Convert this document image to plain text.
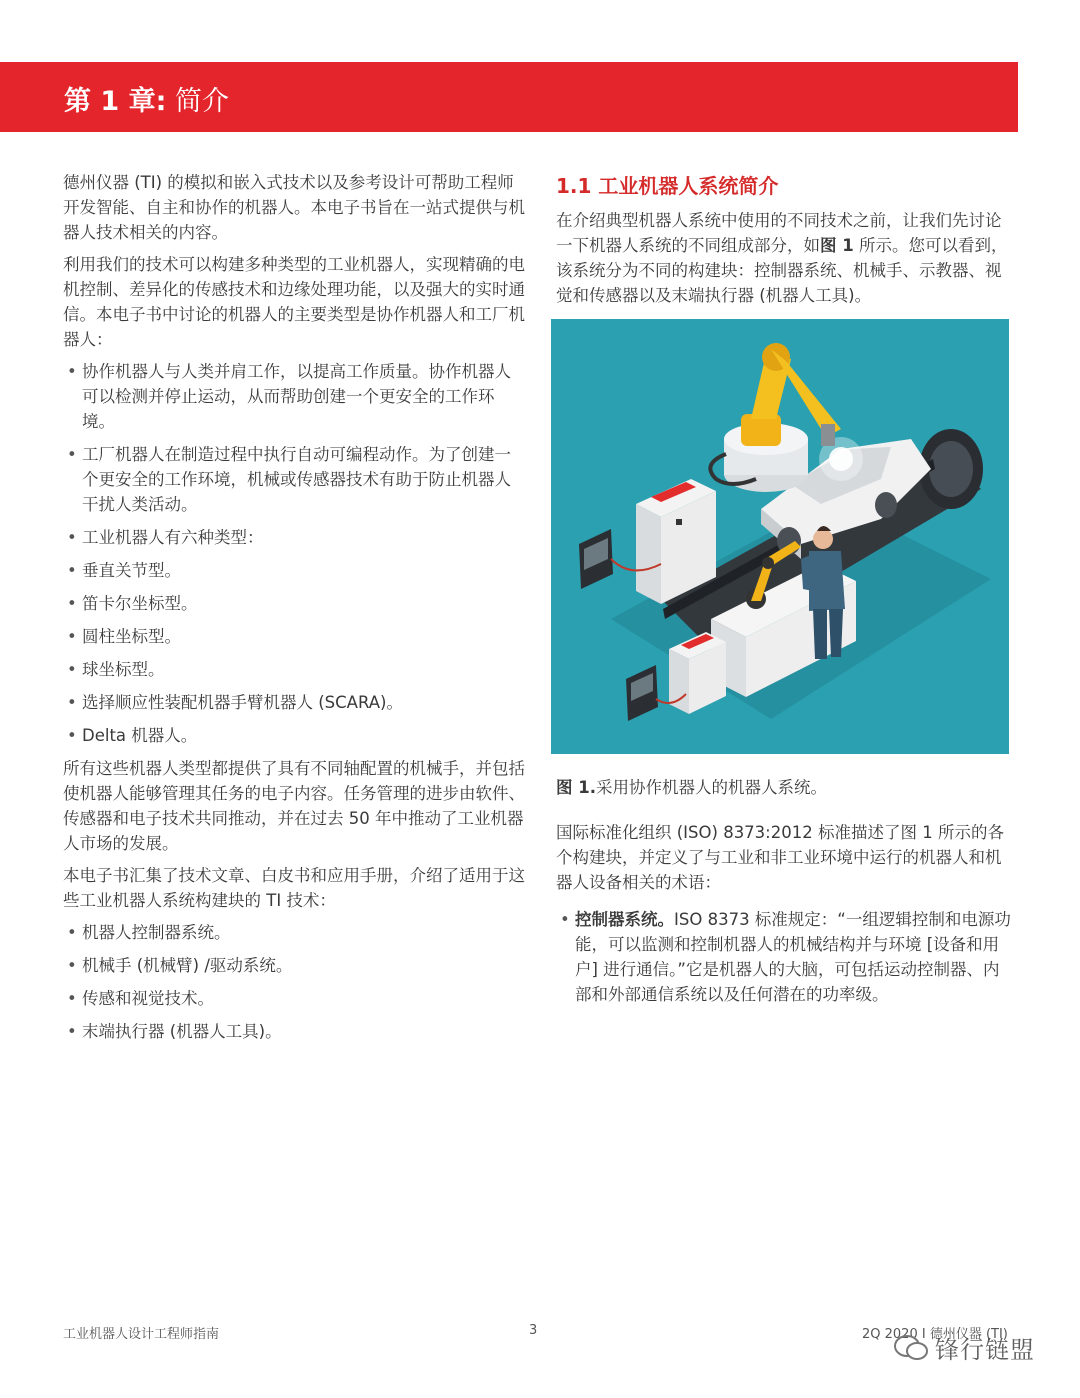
第 1 章: 简介

德州仪器 (TI) 的模拟和嵌入式技术以及参考设计可帮助工程师开发智能、自主和协作的机器人。本电子书旨在一站式提供与机器人技术相关的内容。

利用我们的技术可以构建多种类型的工业机器人，实现精确的电机控制、差异化的传感技术和边缘处理功能，以及强大的实时通信。本电子书中讨论的机器人的主要类型是协作机器人和工厂机器人：

• 协作机器人与人类并肩工作，以提高工作质量。协作机器人可以检测并停止运动，从而帮助创建一个更安全的工作环境。
• 工厂机器人在制造过程中执行自动可编程动作。为了创建一个更安全的工作环境，机械或传感器技术有助于防止机器人干扰人类活动。
• 工业机器人有六种类型：
• 垂直关节型。
• 笛卡尔坐标型。
• 圆柱坐标型。
• 球坐标型。
• 选择顺应性装配机器手臂机器人 (SCARA)。
• Delta 机器人。

所有这些机器人类型都提供了具有不同轴配置的机械手，并包括使机器人能够管理其任务的电子内容。任务管理的进步由软件、传感器和电子技术共同推动，并在过去 50 年中推动了工业机器人市场的发展。

本电子书汇集了技术文章、白皮书和应用手册，介绍了适用于这些工业机器人系统构建块的 TI 技术：

• 机器人控制器系统。
• 机械手 (机械臂) /驱动系统。
• 传感和视觉技术。
• 末端执行器 (机器人工具)。
1.1 工业机器人系统简介

在介绍典型机器人系统中使用的不同技术之前，让我们先讨论一下机器人系统的不同组成部分，如图 1 所示。您可以看到，该系统分为不同的构建块：控制器系统、机械手、示教器、视觉和传感器以及末端执行器 (机器人工具)。

图 1.采用协作机器人的机器人系统。

国际标准化组织 (ISO) 8373:2012 标准描述了图 1 所示的各个构建块，并定义了与工业和非工业环境中运行的机器人和机器人设备相关的术语：

• 控制器系统。ISO 8373 标准规定：“一组逻辑控制和电源功能，可以监测和控制机器人的机械结构并与环境 [设备和用户] 进行通信。”它是机器人的大脑，可包括运动控制器、内部和外部通信系统以及任何潜在的功率级。
工业机器人设计工程师指南	3	2Q 2020 I 德州仪器 (TI)
锋行链盟
